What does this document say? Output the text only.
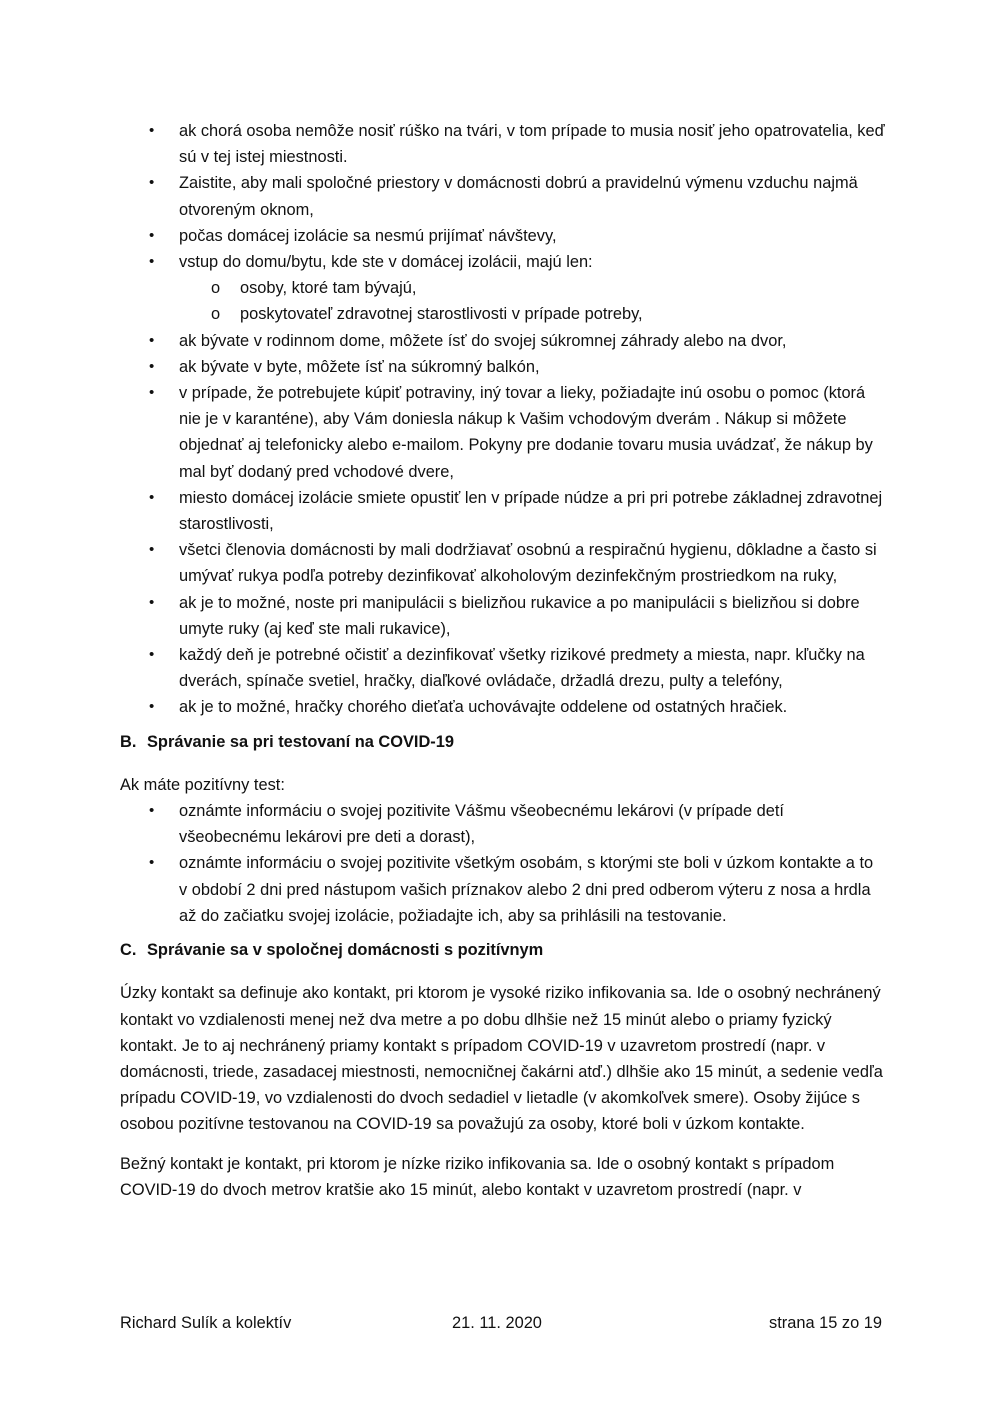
• ak chorá osoba nemôže nosiť rúško na tvári, v tom prípade to musia nosiť jeho opatrovatelia, keď sú v tej istej miestnosti.
• Zaistite, aby mali spoločné priestory v domácnosti dobrú a pravidelnú výmenu vzduchu najmä otvoreným oknom,
• počas domácej izolácie sa nesmú prijímať návštevy,
• vstup do domu/bytu, kde ste v domácej izolácii, majú len:
o osoby, ktoré tam bývajú,
o poskytovateľ zdravotnej starostlivosti v prípade potreby,
• ak bývate v rodinnom dome, môžete ísť do svojej súkromnej záhrady alebo na dvor,
• ak bývate v byte, môžete ísť na súkromný balkón,
• v prípade, že potrebujete kúpiť potraviny, iný tovar a lieky, požiadajte inú osobu o pomoc (ktorá nie je v karanténe), aby Vám doniesla nákup k Vašim vchodovým dverám . Nákup si môžete objednať aj telefonicky alebo e-mailom. Pokyny pre dodanie tovaru musia uvádzať, že nákup by mal byť dodaný pred vchodové dvere,
• miesto domácej izolácie smiete opustiť len v prípade núdze a pri pri potrebe základnej zdravotnej starostlivosti,
• všetci členovia domácnosti by mali dodržiavať osobnú a respiračnú hygienu, dôkladne a často si umývať rukya podľa potreby dezinfikovať alkoholovým dezinfekčným prostriedkom na ruky,
• ak je to možné, noste pri manipulácii s bielizňou rukavice a po manipulácii s bielizňou si dobre umyte ruky (aj keď ste mali rukavice),
• každý deň je potrebné očistiť a dezinfikovať všetky rizikové predmety a miesta, napr. kľučky na dverách, spínače svetiel, hračky, diaľkové ovládače, držadlá drezu, pulty a telefóny,
• ak je to možné, hračky chorého dieťaťa uchovávajte oddelene od ostatných hračiek.
B. Správanie sa pri testovaní na COVID-19
Ak máte pozitívny test:
• oznámte informáciu o svojej pozitivite Vášmu všeobecnému lekárovi (v prípade detí všeobecnému lekárovi pre deti a dorast),
• oznámte informáciu o svojej pozitivite všetkým osobám, s ktorými ste boli v úzkom kontakte a to v období 2 dni pred nástupom vašich príznakov alebo 2 dni pred odberom výteru z nosa a hrdla až do začiatku svojej izolácie, požiadajte ich, aby sa prihlásili na testovanie.
C. Správanie sa v spoločnej domácnosti s pozitívnym

Úzky kontakt sa definuje ako kontakt, pri ktorom je vysoké riziko infikovania sa. Ide o osobný nechránený kontakt vo vzdialenosti menej než dva metre a po dobu dlhšie než 15 minút alebo o priamy fyzický kontakt. Je to aj nechránený priamy kontakt s prípadom COVID-19 v uzavretom prostredí (napr. v domácnosti, triede, zasadacej miestnosti, nemocničnej čakárni atď.) dlhšie ako 15 minút, a sedenie vedľa prípadu COVID-19, vo vzdialenosti do dvoch sedadiel v lietadle (v akomkoľvek smere). Osoby žijúce s osobou pozitívne testovanou na COVID-19 sa považujú za osoby, ktoré boli v úzkom kontakte.

Bežný kontakt je kontakt, pri ktorom je nízke riziko infikovania sa. Ide o osobný kontakt s prípadom COVID-19 do dvoch metrov kratšie ako 15 minút, alebo kontakt v uzavretom prostredí (napr. v

Richard Sulík a kolektív	21. 11. 2020	strana 15 zo 19
